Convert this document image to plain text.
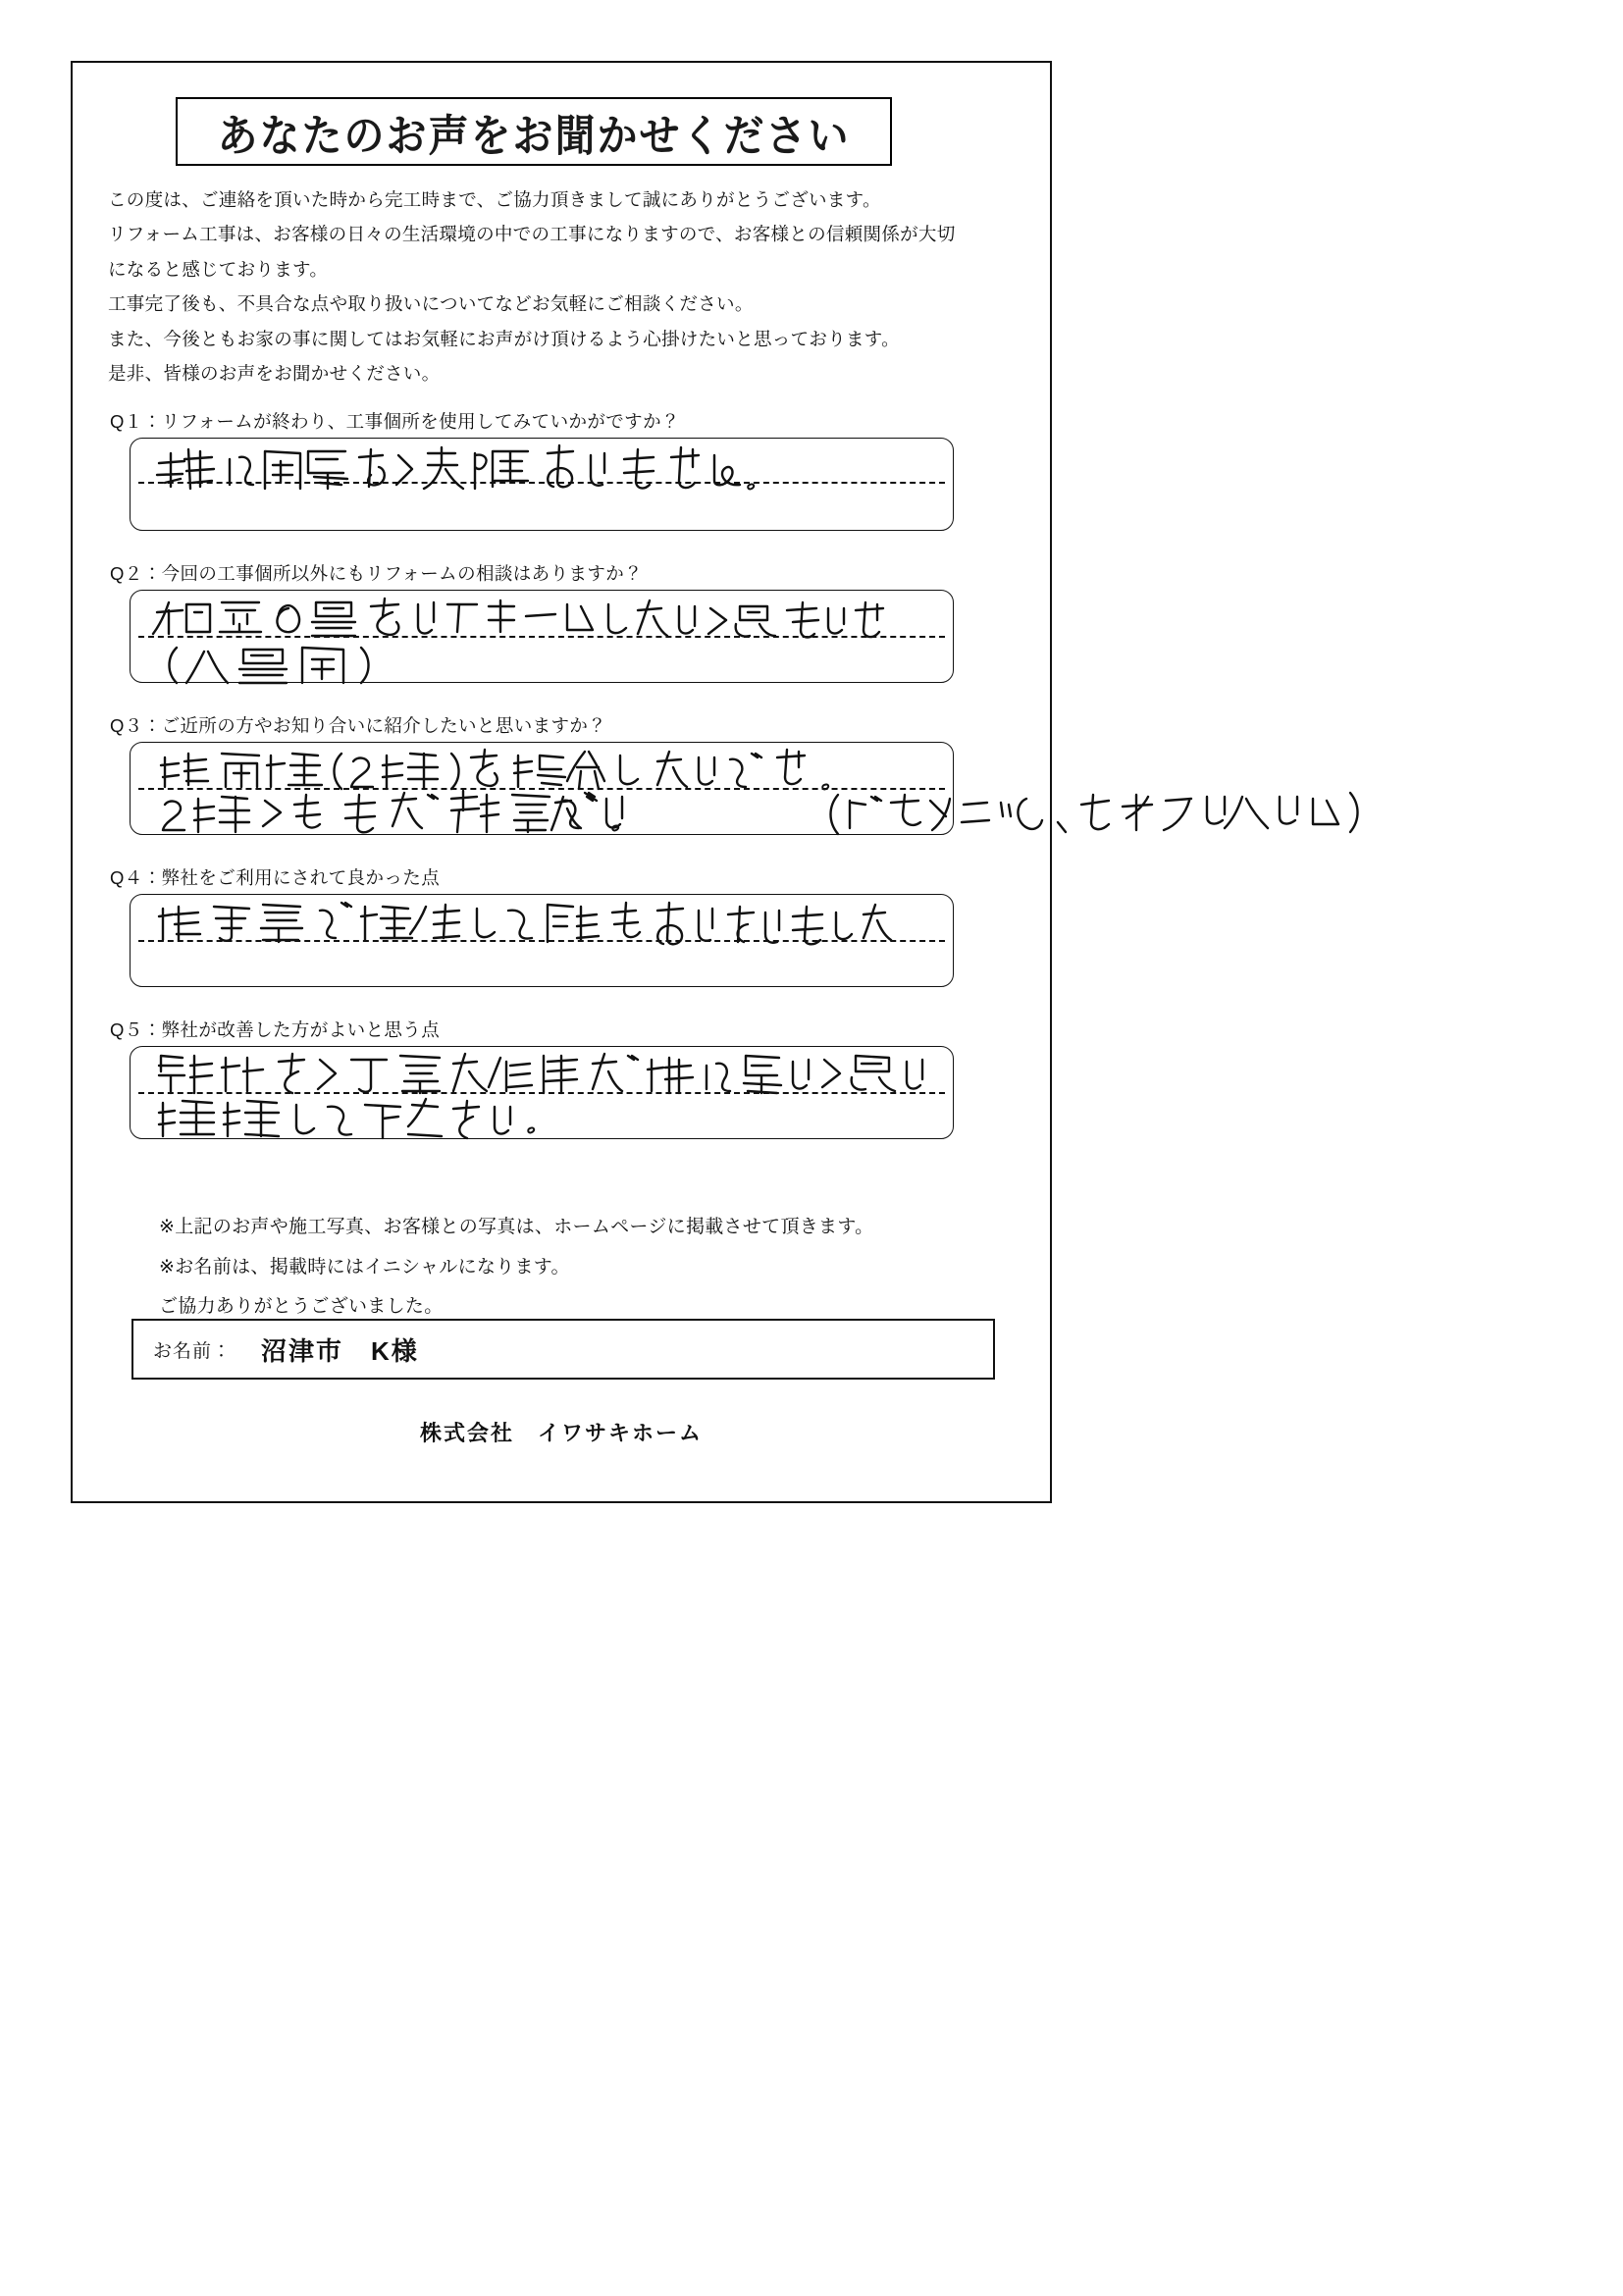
あなたのお声をお聞かせください

この度は、ご連絡を頂いた時から完工時まで、ご協力頂きまして誠にありがとうございます。

リフォーム工事は、お客様の日々の生活環境の中での工事になりますので、お客様との信頼関係が大切

になると感じております。

工事完了後も、不具合な点や取り扱いについてなどお気軽にご相談ください。

また、今後ともお家の事に関してはお気軽にお声がけ頂けるよう心掛けたいと思っております。

是非、皆様のお声をお聞かせください。

Q１：リフォームが終わり、工事個所を使用してみていかがですか？
Q２：今回の工事個所以外にもリフォームの相談はありますか？
Q３：ご近所の方やお知り合いに紹介したいと思いますか？
Q４：弊社をご利用にされて良かった点
Q５：弊社が改善した方がよいと思う点

※上記のお声や施工写真、お客様との写真は、ホームページに掲載させて頂きます。

※お名前は、掲載時にはイニシャルになります。

ご協力ありがとうございました。

お名前： 沼津市　K様
株式会社　イワサキホーム
